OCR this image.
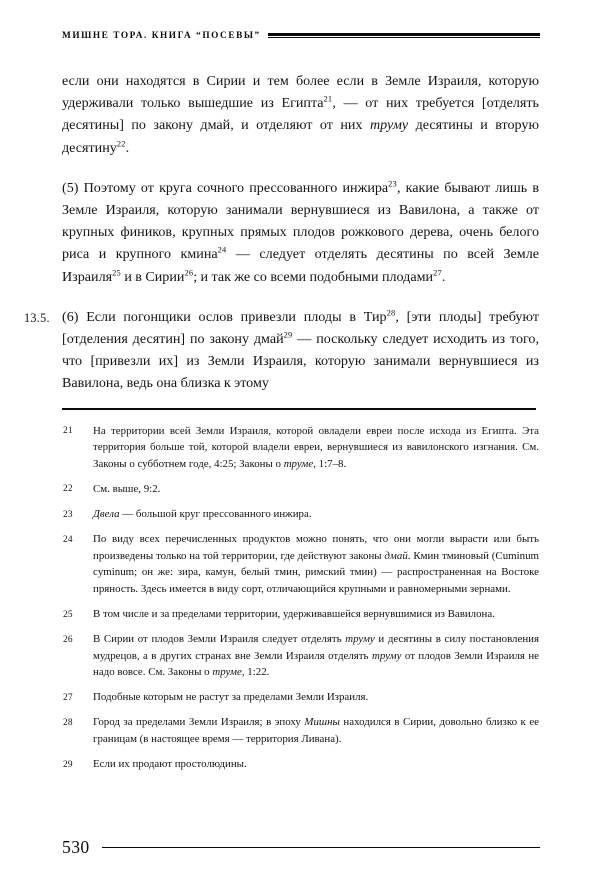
МИШНЕ ТОРА. КНИГА “ПОСЕВЫ”

если они находятся в Сирии и тем более если в Земле Израиля, которую удерживали только вышедшие из Египта$^{21}$, — от них требуется [отделять десятины] по закону дмай, и отделяют от них труму десятины и вторую десятину$^{22}$.

(5) Поэтому от круга сочного прессованного инжира$^{23}$, какие бывают лишь в Земле Израиля, которую занимали вернувшиеся из Вавилона, а также от крупных фиников, крупных прямых плодов рожкового дерева, очень белого риса и крупного кмина$^{24}$ — следует отделять десятины по всей Земле Израиля$^{25}$ и в Сирии$^{26}$; и так же со всеми подобными плодами$^{27}$.

13.5. (6) Если погонщики ослов привезли плоды в Тир$^{28}$, [эти плоды] требуют [отделения десятин] по закону дмай$^{29}$ — поскольку следует исходить из того, что [привезли их] из Земли Израиля, которую занимали вернувшиеся из Вавилона, ведь она близка к этому

21 На территории всей Земли Израиля, которой овладели евреи после исхода из Египта. Эта территория больше той, которой владели евреи, вернувшиеся из вавилонского изгнания. См. Законы о субботнем годе, 4:25; Законы о труме, 1:7–8.
22 См. выше, 9:2.
23 Двела — большой круг прессованного инжира.
24 По виду всех перечисленных продуктов можно понять, что они могли вырасти или быть произведены только на той территории, где действуют законы дмай. Кмин тминовый (Cuminum cyminum; он же: зира, камун, белый тмин, римский тмин) — распространенная на Востоке пряность. Здесь имеется в виду сорт, отличающийся крупными и равномерными зернами.
25 В том числе и за пределами территории, удерживавшейся вернувшимися из Вавилона.
26 В Сирии от плодов Земли Израиля следует отделять труму и десятины в силу постановления мудрецов, а в других странах вне Земли Израиля отделять труму от плодов Земли Израиля не надо вовсе. См. Законы о труме, 1:22.
27 Подобные которым не растут за пределами Земли Израиля.
28 Город за пределами Земли Израиля; в эпоху Мишны находился в Сирии, довольно близко к ее границам (в настоящее время — территория Ливана).
29 Если их продают простолюдины.
530
